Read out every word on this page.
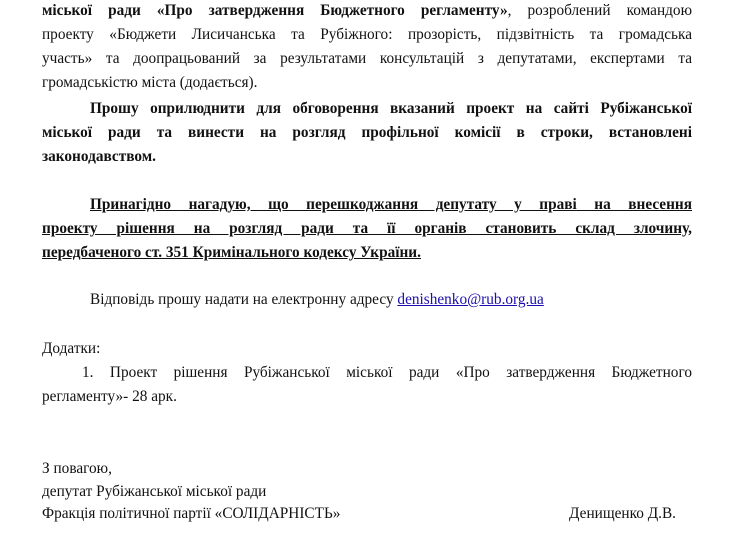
міської ради «Про затвердження Бюджетного регламенту», розроблений командою
проекту «Бюджети Лисичанська та Рубіжного: прозорість, підзвітність та громадська
участь» та доопрацьований за результатами консультацій з депутатами, експертами та
громадськістю міста (додається).
Прошу оприлюднити для обговорення вказаний проект на сайті Рубіжанської
міської ради та винести на розгляд профільної комісії в строки, встановлені
законодавством.
Принагідно нагадую, що перешкоджання депутату у праві на внесення
проекту рішення на розгляд ради та її органів становить склад злочину,
передбаченого ст. 351 Кримінального кодексу України.
Відповідь прошу надати на електронну адресу denishenko@rub.org.ua
Додатки:
1. Проект рішення Рубіжанської міської ради «Про затвердження Бюджетного
регламенту»- 28 арк.
З повагою,
депутат Рубіжанської міської ради
Фракція політичної партії «СОЛІДАРНІСТЬ»	Денищенко Д.В.
